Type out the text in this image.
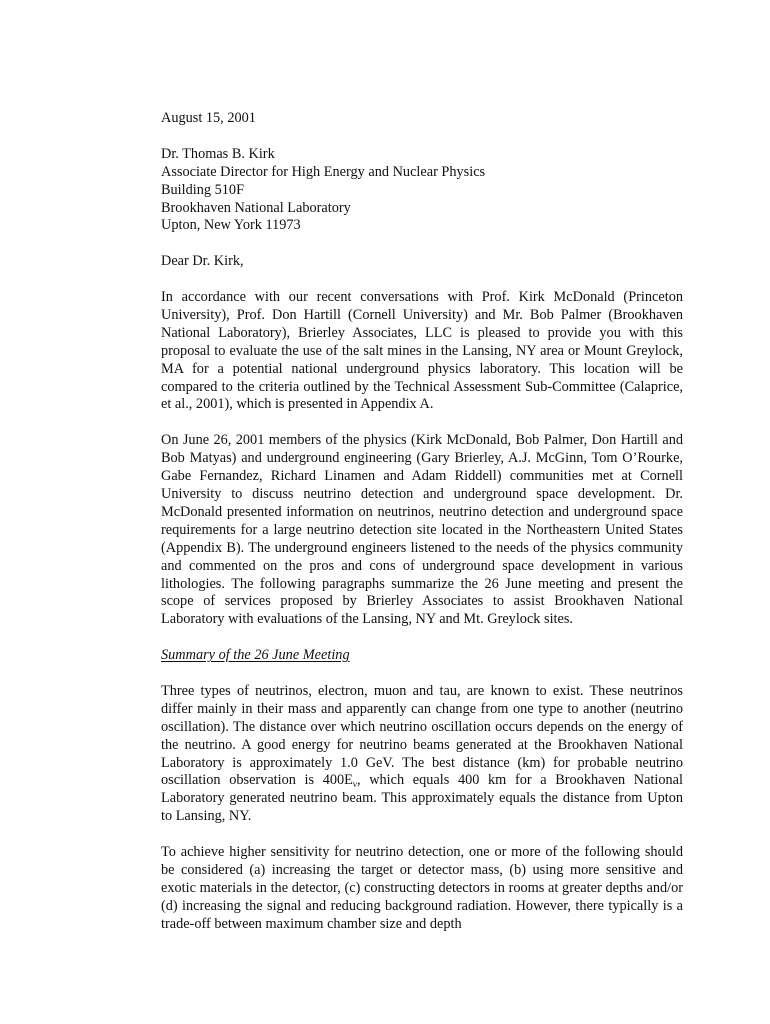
August 15, 2001
Dr. Thomas B. Kirk
Associate Director for High Energy and Nuclear Physics
Building 510F
Brookhaven National Laboratory
Upton, New York 11973
Dear Dr. Kirk,

In accordance with our recent conversations with Prof. Kirk McDonald (Princeton University), Prof. Don Hartill (Cornell University) and Mr. Bob Palmer (Brookhaven National Laboratory), Brierley Associates, LLC is pleased to provide you with this proposal to evaluate the use of the salt mines in the Lansing, NY area or Mount Greylock, MA for a potential national underground physics laboratory. This location will be compared to the criteria outlined by the Technical Assessment Sub-Committee (Calaprice, et al., 2001), which is presented in Appendix A.

On June 26, 2001 members of the physics (Kirk McDonald, Bob Palmer, Don Hartill and Bob Matyas) and underground engineering (Gary Brierley, A.J. McGinn, Tom O’Rourke, Gabe Fernandez, Richard Linamen and Adam Riddell) communities met at Cornell University to discuss neutrino detection and underground space development. Dr. McDonald presented information on neutrinos, neutrino detection and underground space requirements for a large neutrino detection site located in the Northeastern United States (Appendix B). The underground engineers listened to the needs of the physics community and commented on the pros and cons of underground space development in various lithologies. The following paragraphs summarize the 26 June meeting and present the scope of services proposed by Brierley Associates to assist Brookhaven National Laboratory with evaluations of the Lansing, NY and Mt. Greylock sites.

Summary of the 26 June Meeting

Three types of neutrinos, electron, muon and tau, are known to exist. These neutrinos differ mainly in their mass and apparently can change from one type to another (neutrino oscillation). The distance over which neutrino oscillation occurs depends on the energy of the neutrino. A good energy for neutrino beams generated at the Brookhaven National Laboratory is approximately 1.0 GeV. The best distance (km) for probable neutrino oscillation observation is $400E_\nu$, which equals 400 km for a Brookhaven National Laboratory generated neutrino beam. This approximately equals the distance from Upton to Lansing, NY.

To achieve higher sensitivity for neutrino detection, one or more of the following should be considered (a) increasing the target or detector mass, (b) using more sensitive and exotic materials in the detector, (c) constructing detectors in rooms at greater depths and/or (d) increasing the signal and reducing background radiation. However, there typically is a trade-off between maximum chamber size and depth
